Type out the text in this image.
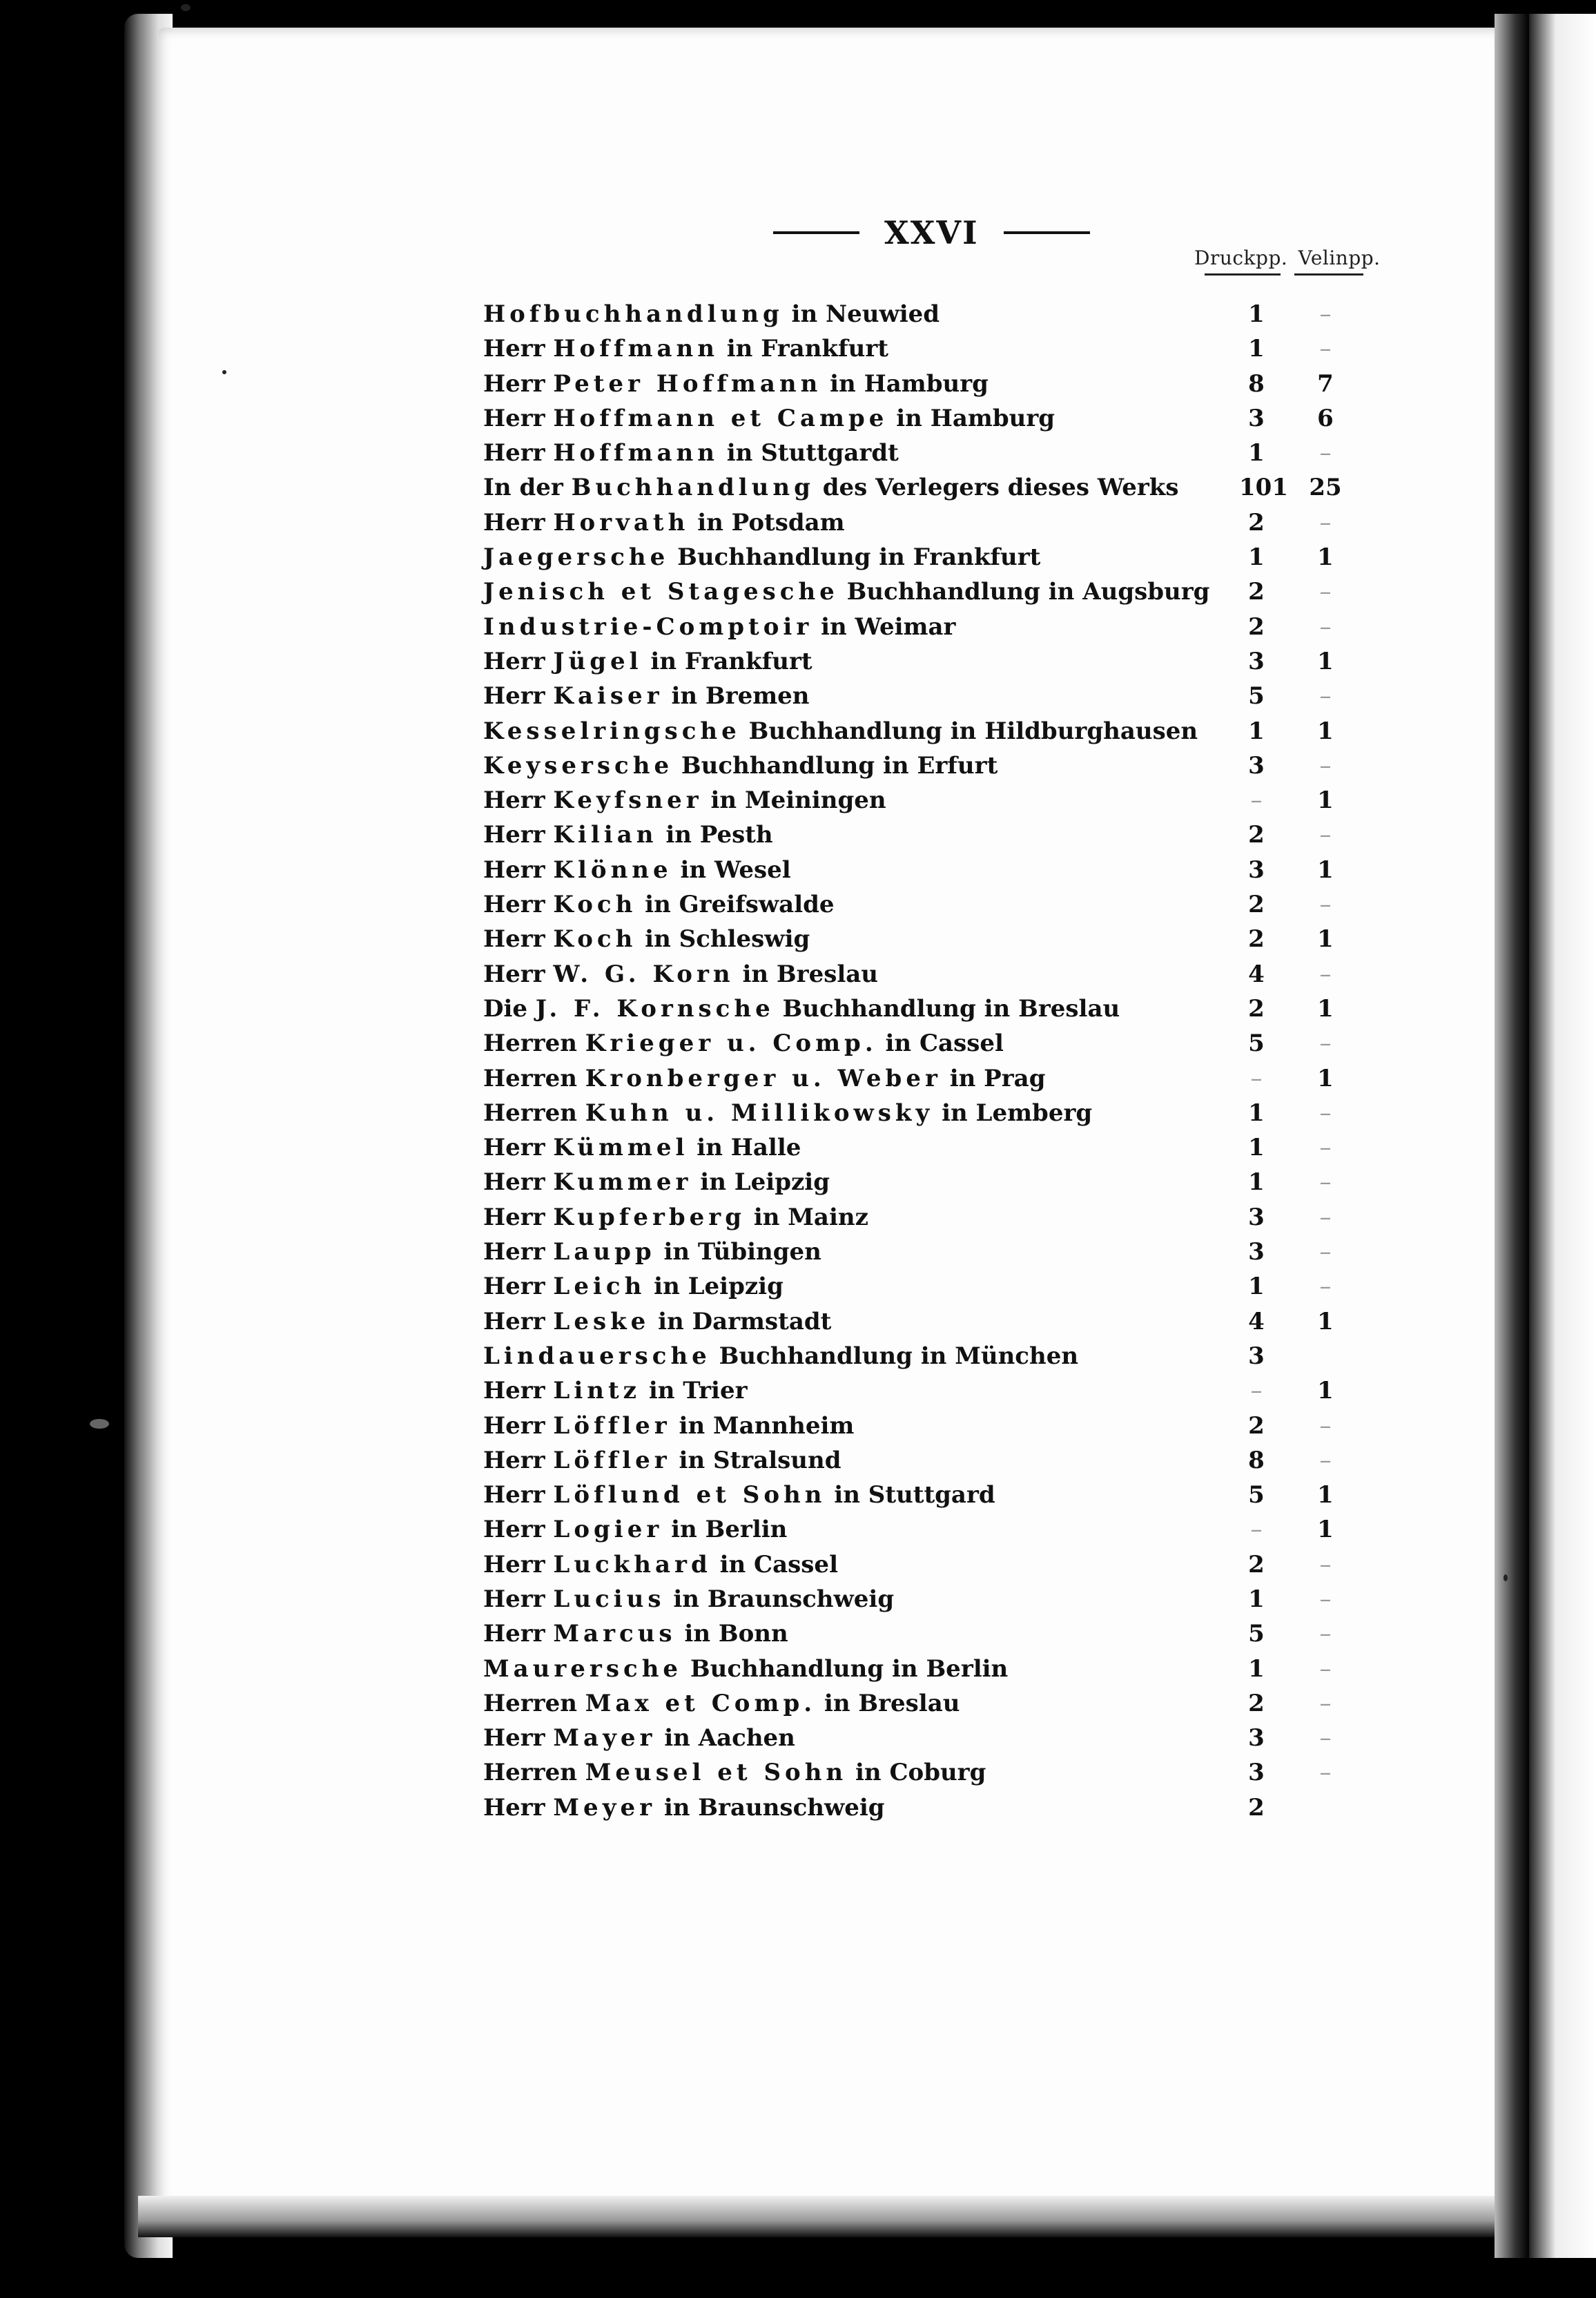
XXVI
Druckpp. Velinpp.
Hofbuchhandlung in Neuwied	1	–
Herr Hoffmann in Frankfurt	1	–
Herr Peter Hoffmann in Hamburg	8	7
Herr Hoffmann et Campe in Hamburg	3	6
Herr Hoffmann in Stuttgardt	1	–
In der Buchhandlung des Verlegers dieses Werks	101 25
Herr Horvath in Potsdam	2	–
Jaegersche Buchhandlung in Frankfurt	1	1
Jenisch et Stagesche Buchhandlung in Augsburg	2	–
Industrie-Comptoir in Weimar	2	–
Herr Jügel in Frankfurt	3	1
Herr Kaiser in Bremen	5	–
Kesselringsche Buchhandlung in Hildburghausen	1	1
Keysersche Buchhandlung in Erfurt	3	–
Herr Keyfsner in Meiningen	–	1
Herr Kilian in Pesth	2	–
Herr Klönne in Wesel	3	1
Herr Koch in Greifswalde	2	–
Herr Koch in Schleswig	2	1
Herr W. G. Korn in Breslau	4	–
Die J. F. Kornsche Buchhandlung in Breslau	2	1
Herren Krieger u. Comp. in Cassel	5	–
Herren Kronberger u. Weber in Prag	–	1
Herren Kuhn u. Millikowsky in Lemberg	1	–
Herr Kümmel in Halle	1	–
Herr Kummer in Leipzig	1	–
Herr Kupferberg in Mainz	3	–
Herr Laupp in Tübingen	3	–
Herr Leich in Leipzig	1	–
Herr Leske in Darmstadt	4	1
Lindauersche Buchhandlung in München	3
Herr Lintz in Trier	–	1
Herr Löffler in Mannheim	2	–
Herr Löffler in Stralsund	8	–
Herr Löflund et Sohn in Stuttgard	5	1
Herr Logier in Berlin	–	1
Herr Luckhard in Cassel	2	–
Herr Lucius in Braunschweig	1	–
Herr Marcus in Bonn	5	–
Maurersche Buchhandlung in Berlin	1	–
Herren Max et Comp. in Breslau	2	–
Herr Mayer in Aachen	3	–
Herren Meusel et Sohn in Coburg	3	–
Herr Meyer in Braunschweig	2
